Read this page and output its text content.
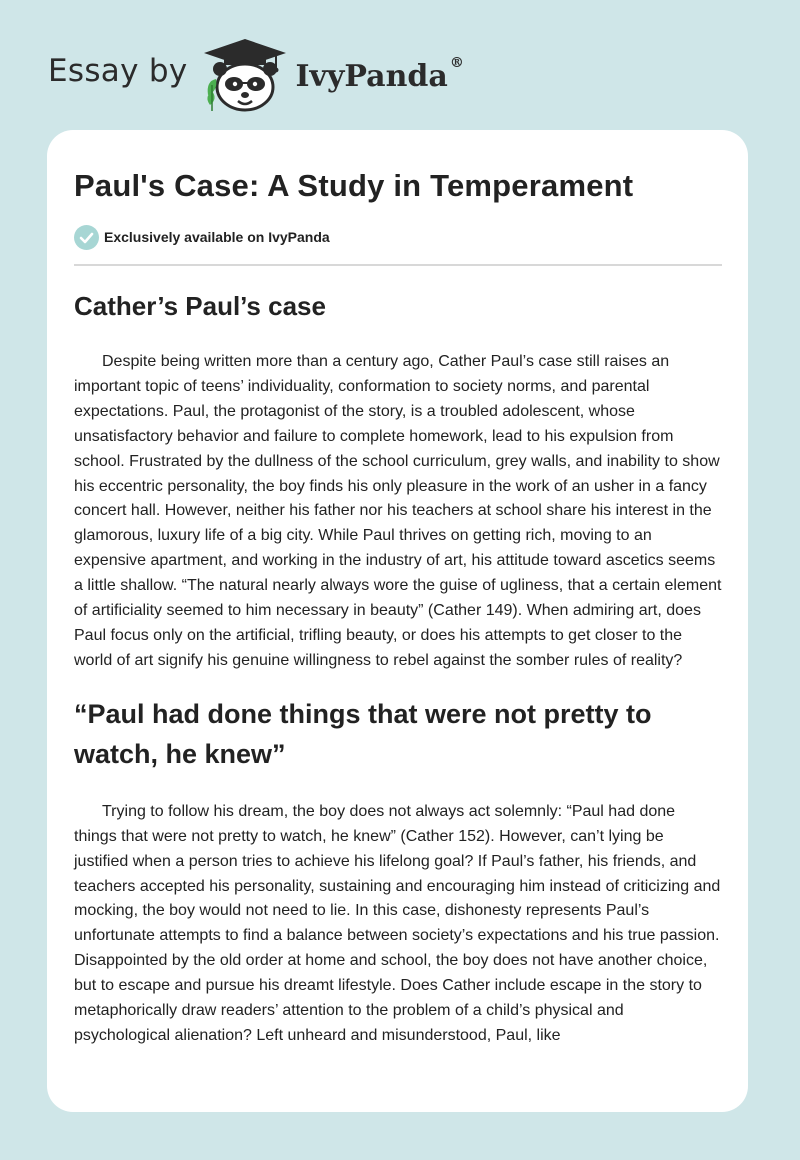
Essay by	IvyPanda ®
Paul's Case: A Study in Temperament
Exclusively available on IvyPanda
Cather’s Paul’s case

Despite being written more than a century ago, Cather Paul’s case still raises an important topic of teens’ individuality, conformation to society norms, and parental expectations. Paul, the protagonist of the story, is a troubled adolescent, whose unsatisfactory behavior and failure to complete homework, lead to his expulsion from school. Frustrated by the dullness of the school curriculum, grey walls, and inability to show his eccentric personality, the boy finds his only pleasure in the work of an usher in a fancy concert hall. However, neither his father nor his teachers at school share his interest in the glamorous, luxury life of a big city. While Paul thrives on getting rich, moving to an expensive apartment, and working in the industry of art, his attitude toward ascetics seems a little shallow. “The natural nearly always wore the guise of ugliness, that a certain element of artificiality seemed to him necessary in beauty” (Cather 149). When admiring art, does Paul focus only on the artificial, trifling beauty, or does his attempts to get closer to the world of art signify his genuine willingness to rebel against the somber rules of reality?

“Paul had done things that were not pretty to watch, he knew”

Trying to follow his dream, the boy does not always act solemnly: “Paul had done things that were not pretty to watch, he knew” (Cather 152). However, can’t lying be justified when a person tries to achieve his lifelong goal? If Paul’s father, his friends, and teachers accepted his personality, sustaining and encouraging him instead of criticizing and mocking, the boy would not need to lie. In this case, dishonesty represents Paul’s unfortunate attempts to find a balance between society’s expectations and his true passion. Disappointed by the old order at home and school, the boy does not have another choice, but to escape and pursue his dreamt lifestyle. Does Cather include escape in the story to metaphorically draw readers’ attention to the problem of a child’s physical and psychological alienation? Left unheard and misunderstood, Paul, like
